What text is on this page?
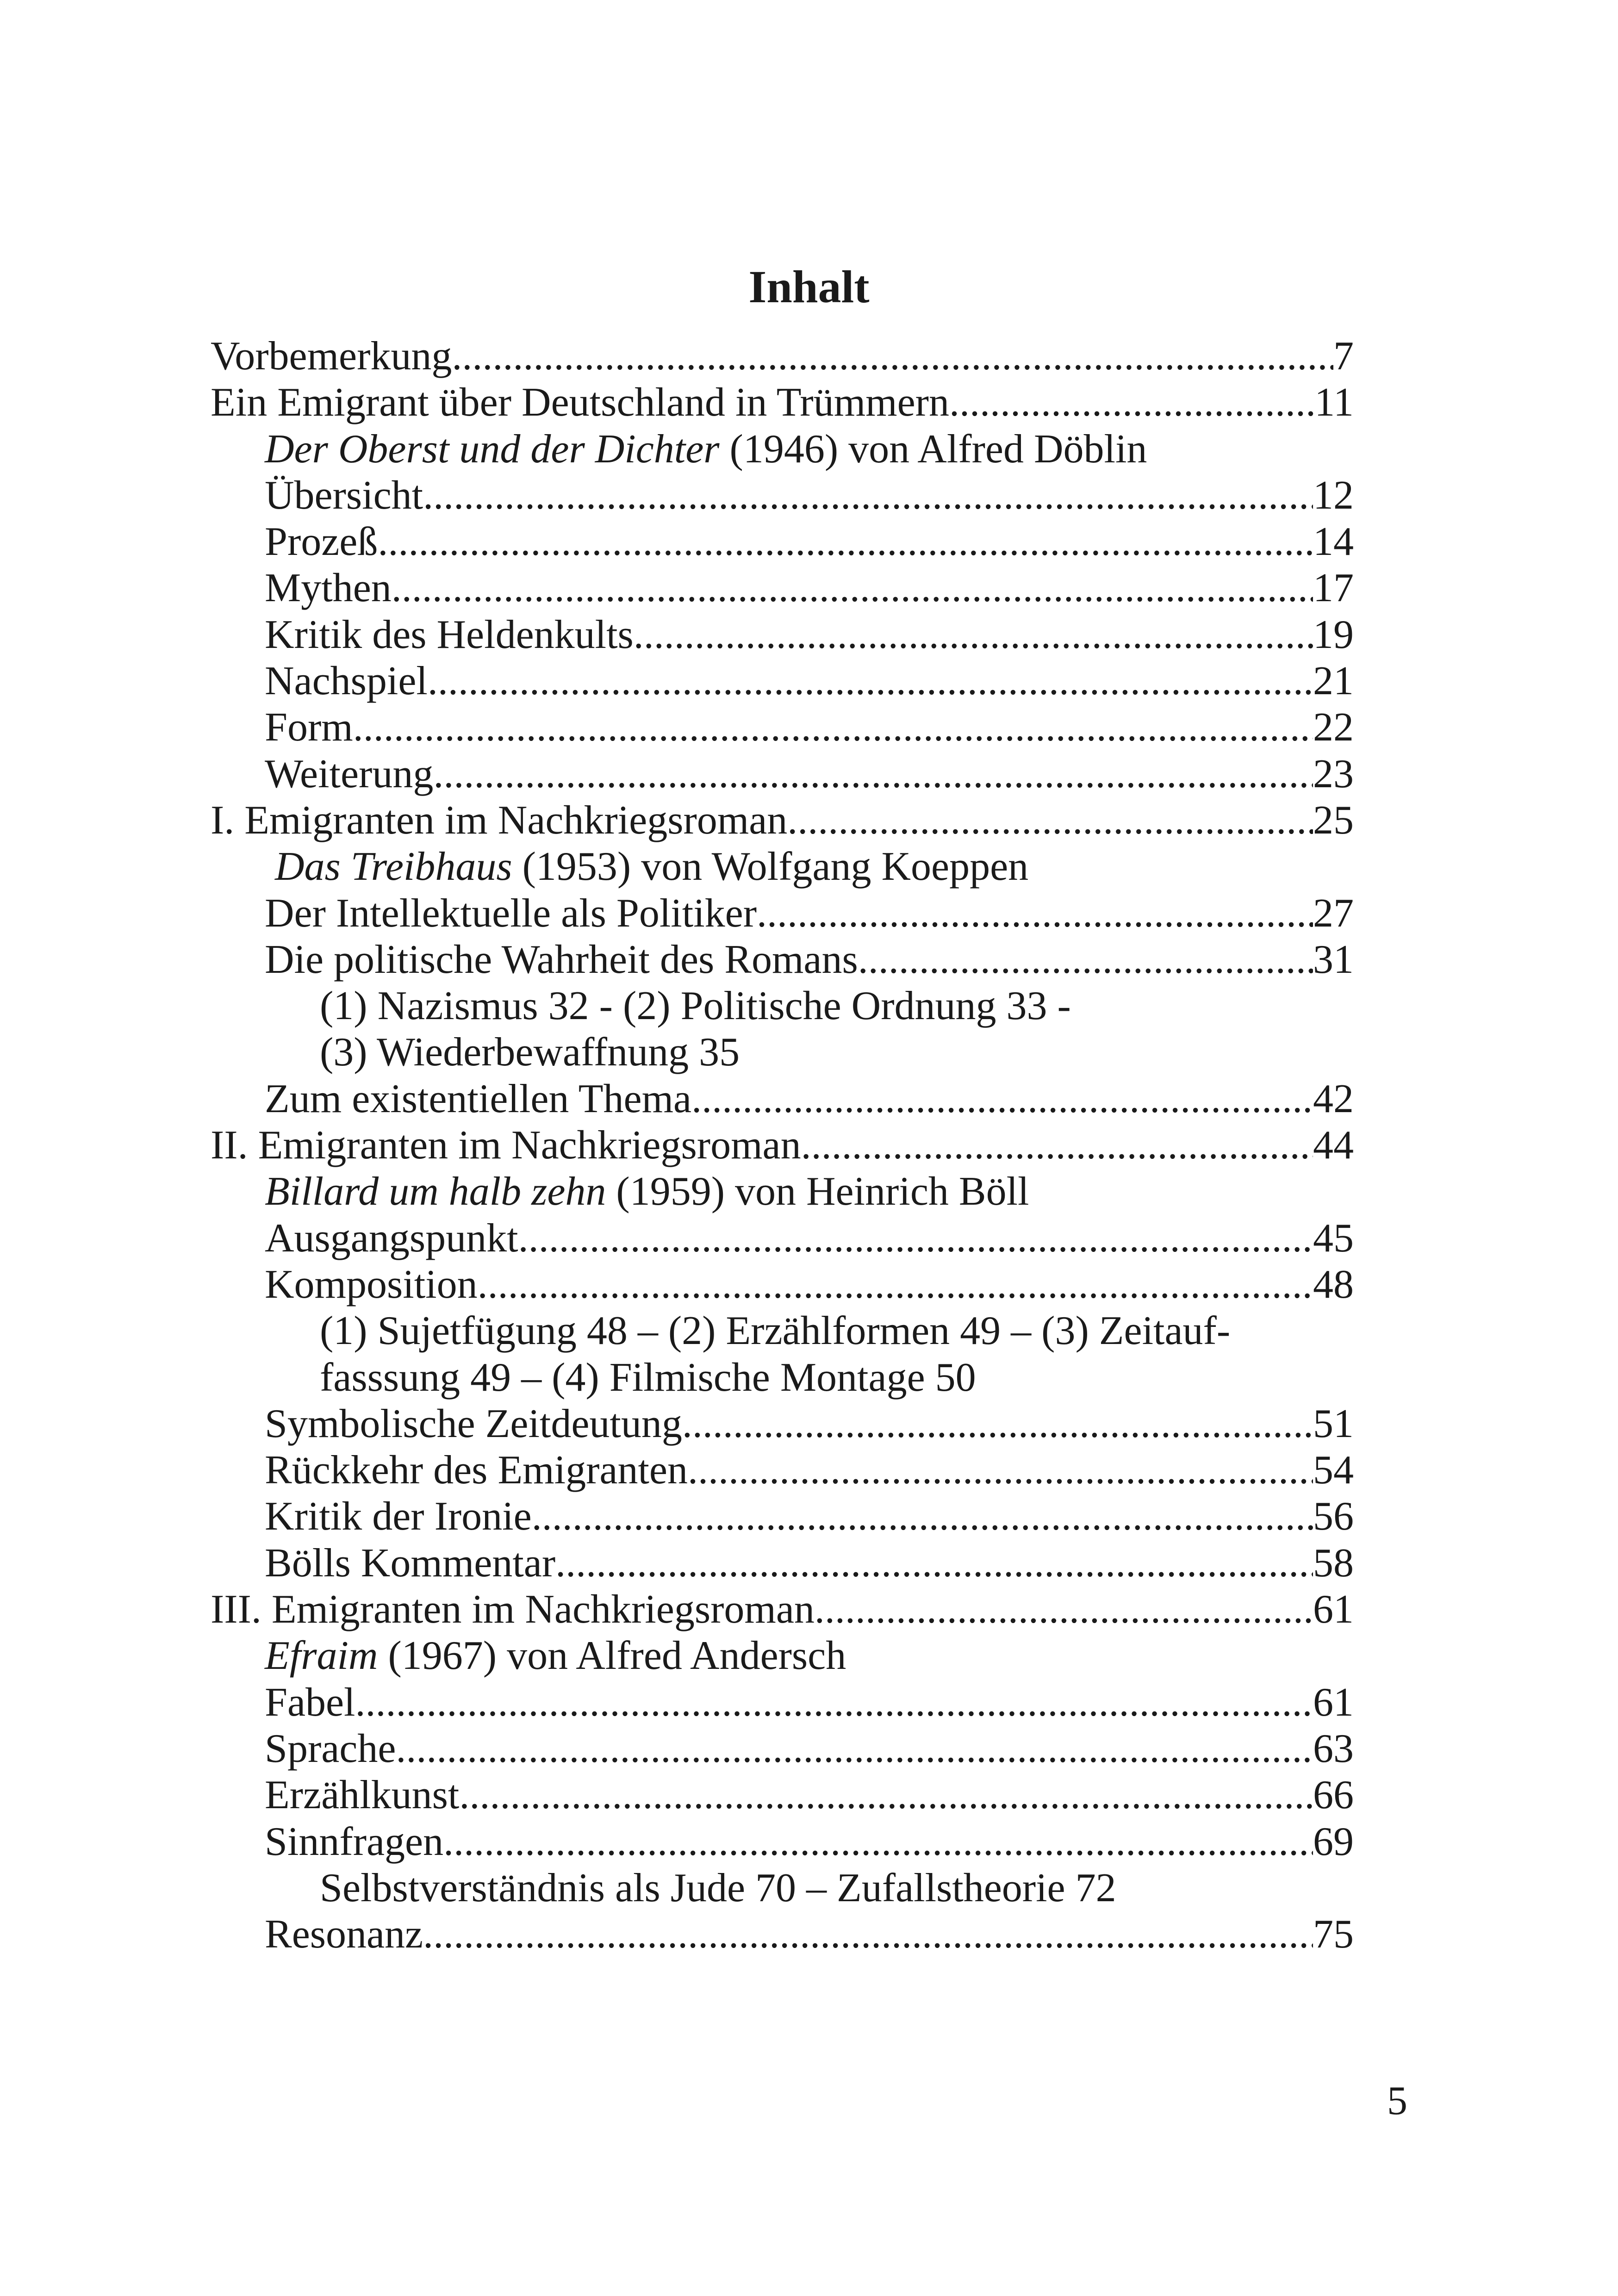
Inhalt
Vorbemerkung .....	7
Ein Emigrant über Deutschland in Trümmern .....	11
Der Oberst und der Dichter (1946) von Alfred Döblin
Übersicht .....	12
Prozeß .....	14
Mythen .....	17
Kritik des Heldenkults .....	19
Nachspiel .....	21
Form .....	22
Weiterung .....	23
I. Emigranten im Nachkriegsroman .....	25
Das Treibhaus (1953) von Wolfgang Koeppen
Der Intellektuelle als Politiker .....	27
Die politische Wahrheit des Romans .....	31
(1) Nazismus 32 - (2) Politische Ordnung 33 -
(3) Wiederbewaffnung 35
Zum existentiellen Thema .....	42
II. Emigranten im Nachkriegsroman .....	44
Billard um halb zehn (1959) von Heinrich Böll
Ausgangspunkt .....	45
Komposition .....	48
(1) Sujetfügung 48 – (2) Erzählformen 49 – (3) Zeitauf-
fasssung 49 – (4) Filmische Montage 50
Symbolische Zeitdeutung .....	51
Rückkehr des Emigranten .....	54
Kritik der Ironie .....	56
Bölls Kommentar .....	58
III. Emigranten im Nachkriegsroman .....	61
Efraim (1967) von Alfred Andersch
Fabel .....	61
Sprache .....	63
Erzählkunst .....	66
Sinnfragen .....	69
Selbstverständnis als Jude 70 – Zufallstheorie 72
Resonanz .....	75

5
